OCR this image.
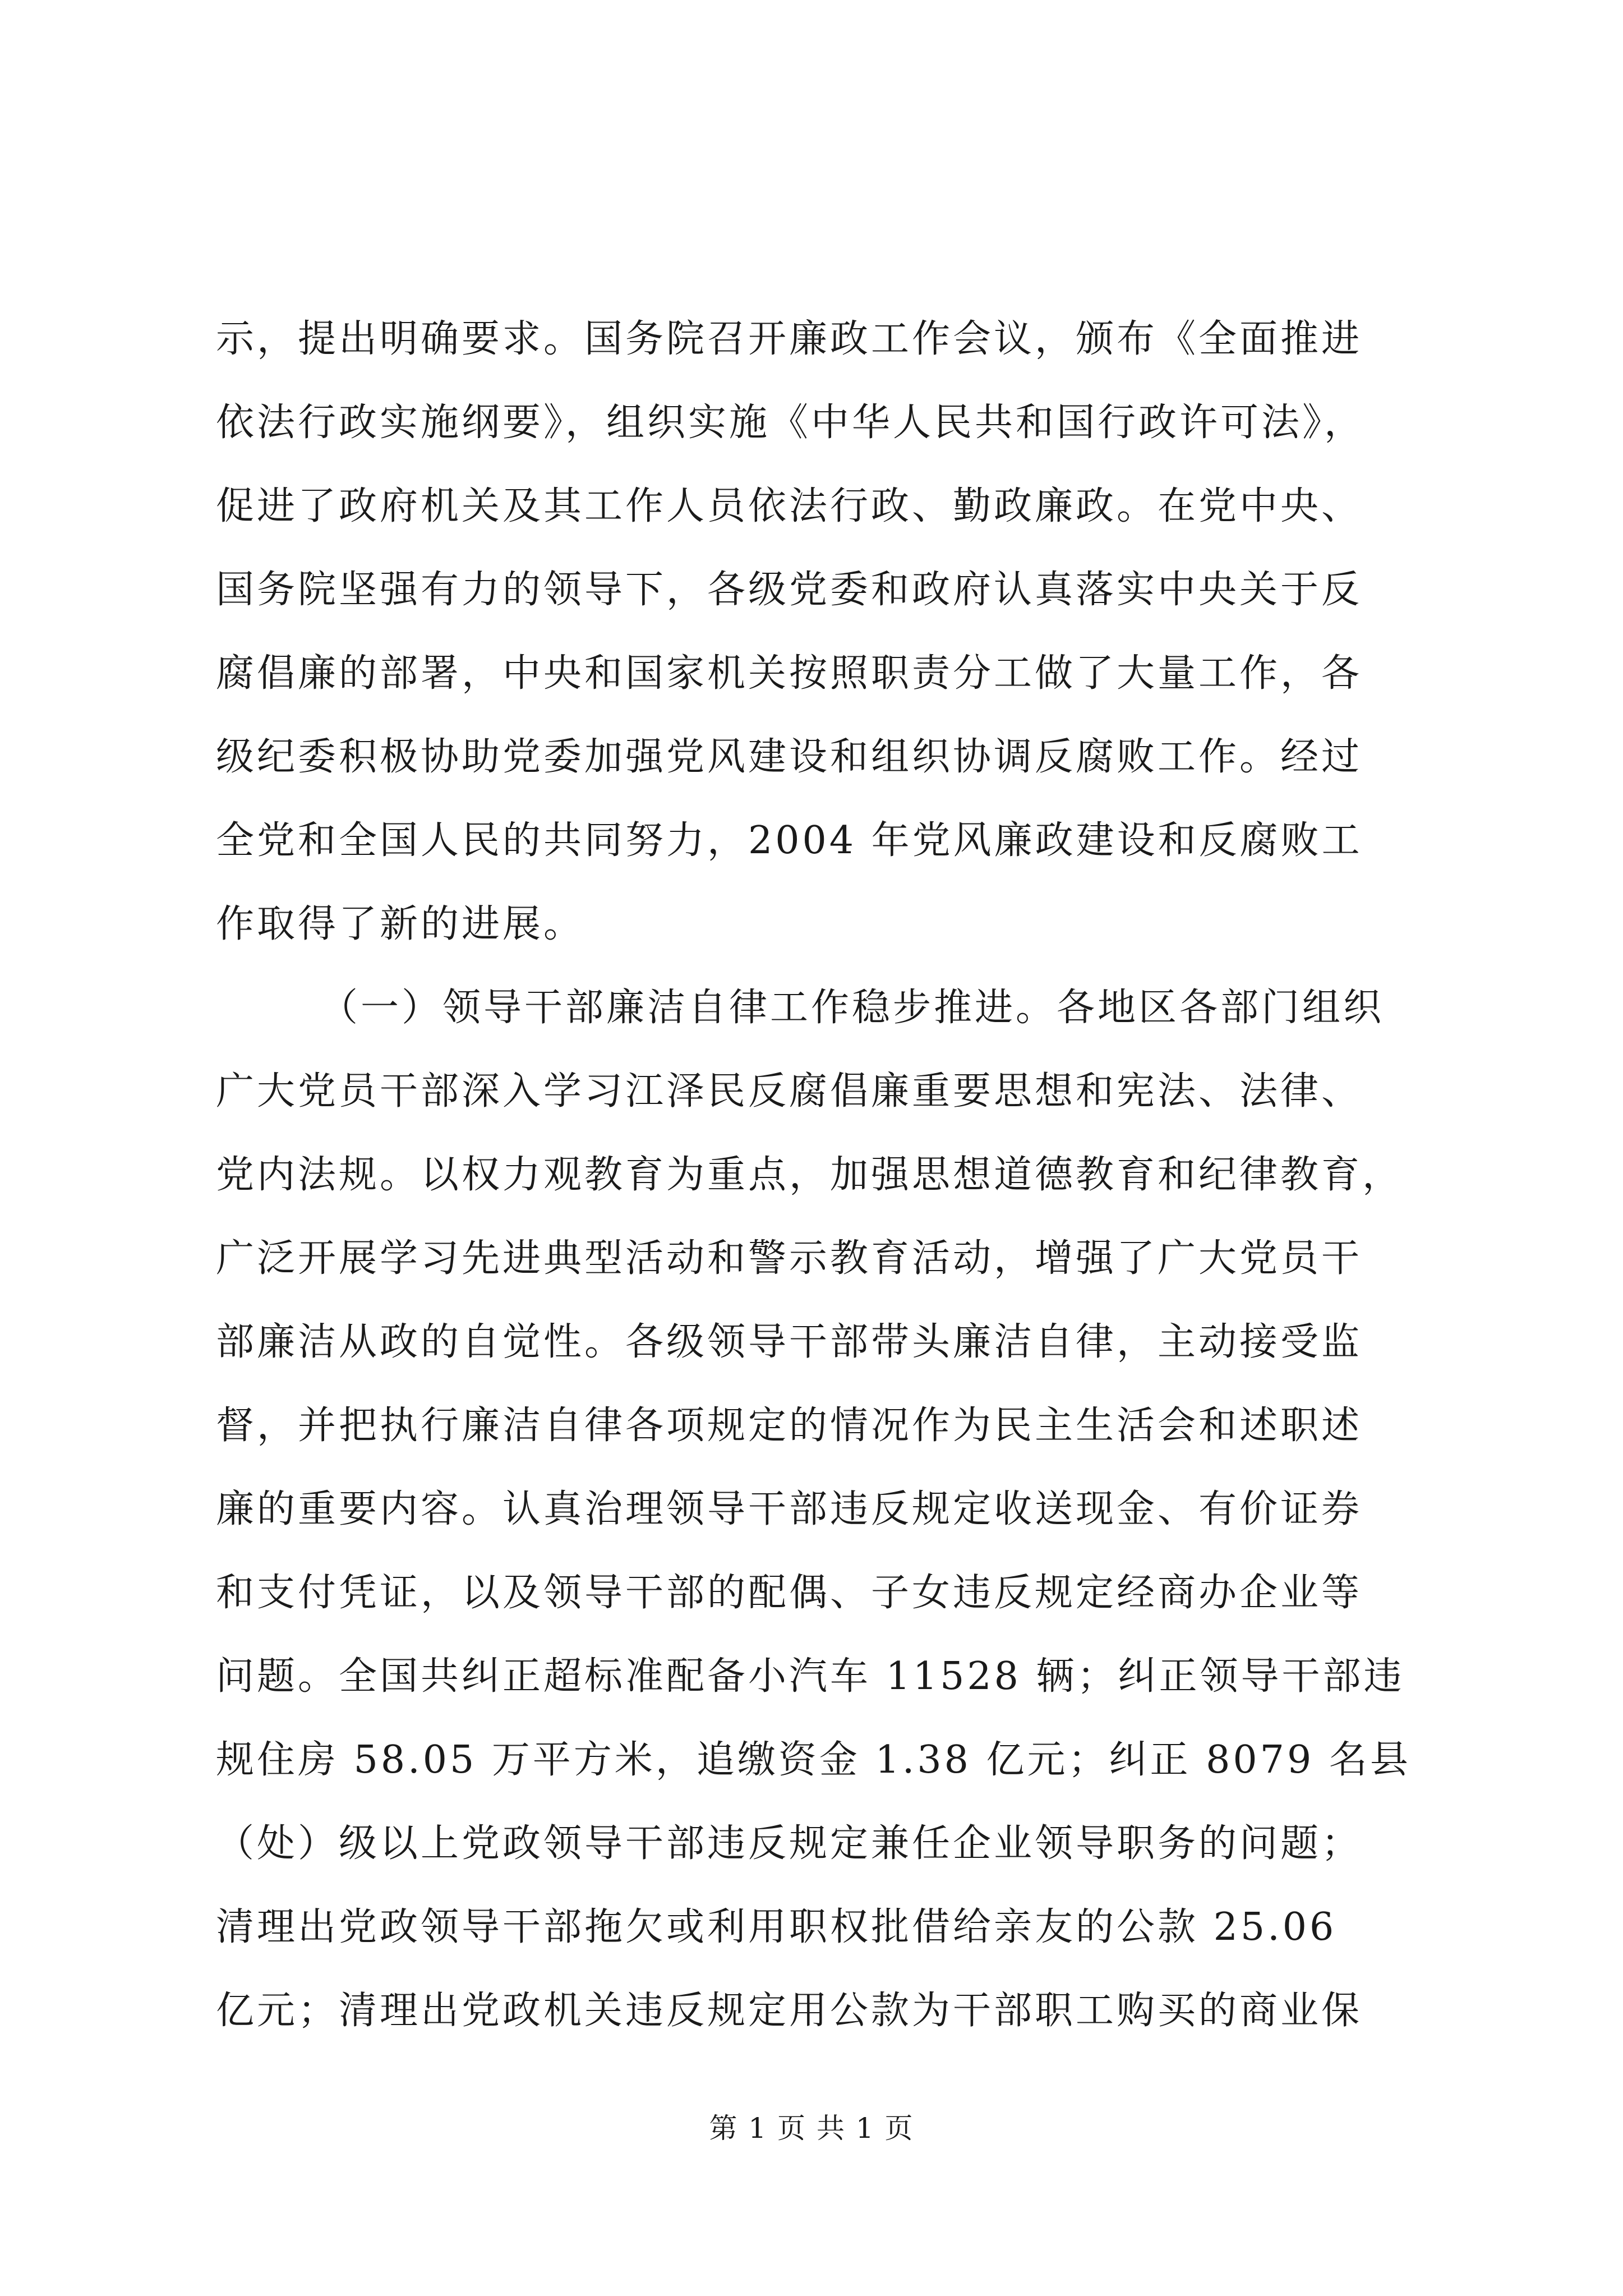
示，提出明确要求。国务院召开廉政工作会议，颁布《全面推进
依法行政实施纲要》，组织实施《中华人民共和国行政许可法》，
促进了政府机关及其工作人员依法行政、勤政廉政。在党中央、
国务院坚强有力的领导下，各级党委和政府认真落实中央关于反
腐倡廉的部署，中央和国家机关按照职责分工做了大量工作，各
级纪委积极协助党委加强党风建设和组织协调反腐败工作。经过
全党和全国人民的共同努力，2004 年党风廉政建设和反腐败工
作取得了新的进展。
（一）领导干部廉洁自律工作稳步推进。各地区各部门组织
广大党员干部深入学习江泽民反腐倡廉重要思想和宪法、法律、
党内法规。以权力观教育为重点，加强思想道德教育和纪律教育，
广泛开展学习先进典型活动和警示教育活动，增强了广大党员干
部廉洁从政的自觉性。各级领导干部带头廉洁自律，主动接受监
督，并把执行廉洁自律各项规定的情况作为民主生活会和述职述
廉的重要内容。认真治理领导干部违反规定收送现金、有价证券
和支付凭证，以及领导干部的配偶、子女违反规定经商办企业等
问题。全国共纠正超标准配备小汽车 11528 辆；纠正领导干部违
规住房 58.05 万平方米，追缴资金 1.38 亿元；纠正 8079 名县
（处）级以上党政领导干部违反规定兼任企业领导职务的问题；
清理出党政领导干部拖欠或利用职权批借给亲友的公款 25.06
亿元；清理出党政机关违反规定用公款为干部职工购买的商业保
第 1 页 共 1 页
